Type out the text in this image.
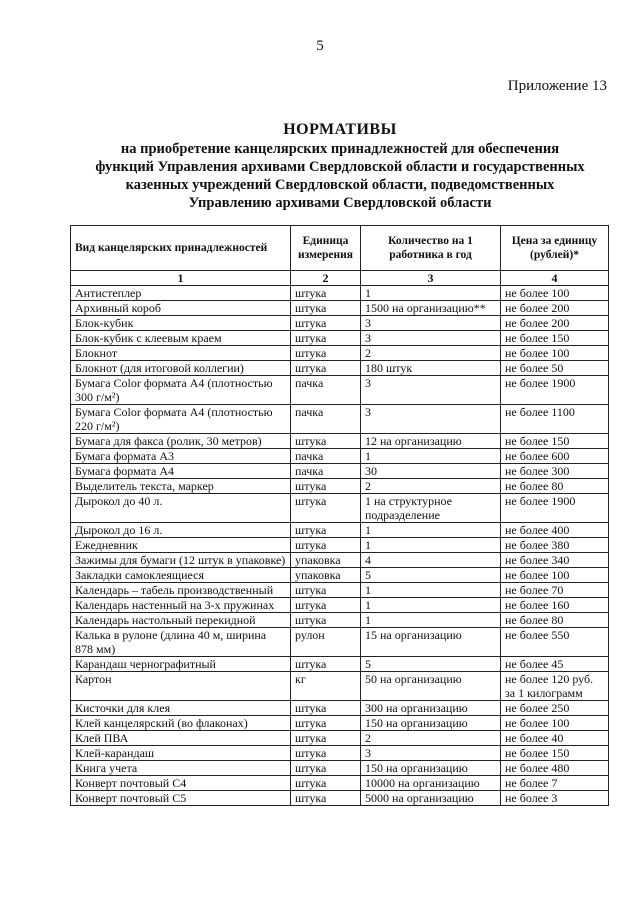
5
Приложение 13
НОРМАТИВЫ
на приобретение канцелярских принадлежностей для обеспечения
функций Управления архивами Свердловской области и государственных
казенных учреждений Свердловской области, подведомственных
Управлению архивами Свердловской области
Вид канцелярских принадлежностей	Единица измерения	Количество на 1 работника в год	Цена за единицу (рублей)*
1	2	3	4
Антистеплер	штука	1	не более 100
Архивный короб	штука	1500 на организацию**	не более 200
Блок-кубик	штука	3	не более 200
Блок-кубик с клеевым краем	штука	3	не более 150
Блокнот	штука	2	не более 100
Блокнот (для итоговой коллегии)	штука	180 штук	не более 50
Бумага Color формата А4 (плотностью 300 г/м²)	пачка	3	не более 1900
Бумага Color формата А4 (плотностью 220 г/м²)	пачка	3	не более 1100
Бумага для факса (ролик, 30 метров)	штука	12 на организацию	не более 150
Бумага формата А3	пачка	1	не более 600
Бумага формата А4	пачка	30	не более 300
Выделитель текста, маркер	штука	2	не более 80
Дырокол до 40 л.	штука	1 на структурное подразделение	не более 1900
Дырокол до 16 л.	штука	1	не более 400
Ежедневник	штука	1	не более 380
Зажимы для бумаги (12 штук в упаковке)	упаковка	4	не более 340
Закладки самоклеящиеся	упаковка	5	не более 100
Календарь – табель производственный	штука	1	не более 70
Календарь настенный на 3-х пружинах	штука	1	не более 160
Календарь настольный перекидной	штука	1	не более 80
Калька в рулоне (длина 40 м, ширина 878 мм)	рулон	15 на организацию	не более 550
Карандаш чернографитный	штука	5	не более 45
Картон	кг	50 на организацию	не более 120 руб. за 1 килограмм
Кисточки для клея	штука	300 на организацию	не более 250
Клей канцелярский (во флаконах)	штука	150 на организацию	не более 100
Клей ПВА	штука	2	не более 40
Клей-карандаш	штука	3	не более 150
Книга учета	штука	150 на организацию	не более 480
Конверт почтовый С4	штука	10000 на организацию	не более 7
Конверт почтовый С5	штука	5000 на организацию	не более 3
